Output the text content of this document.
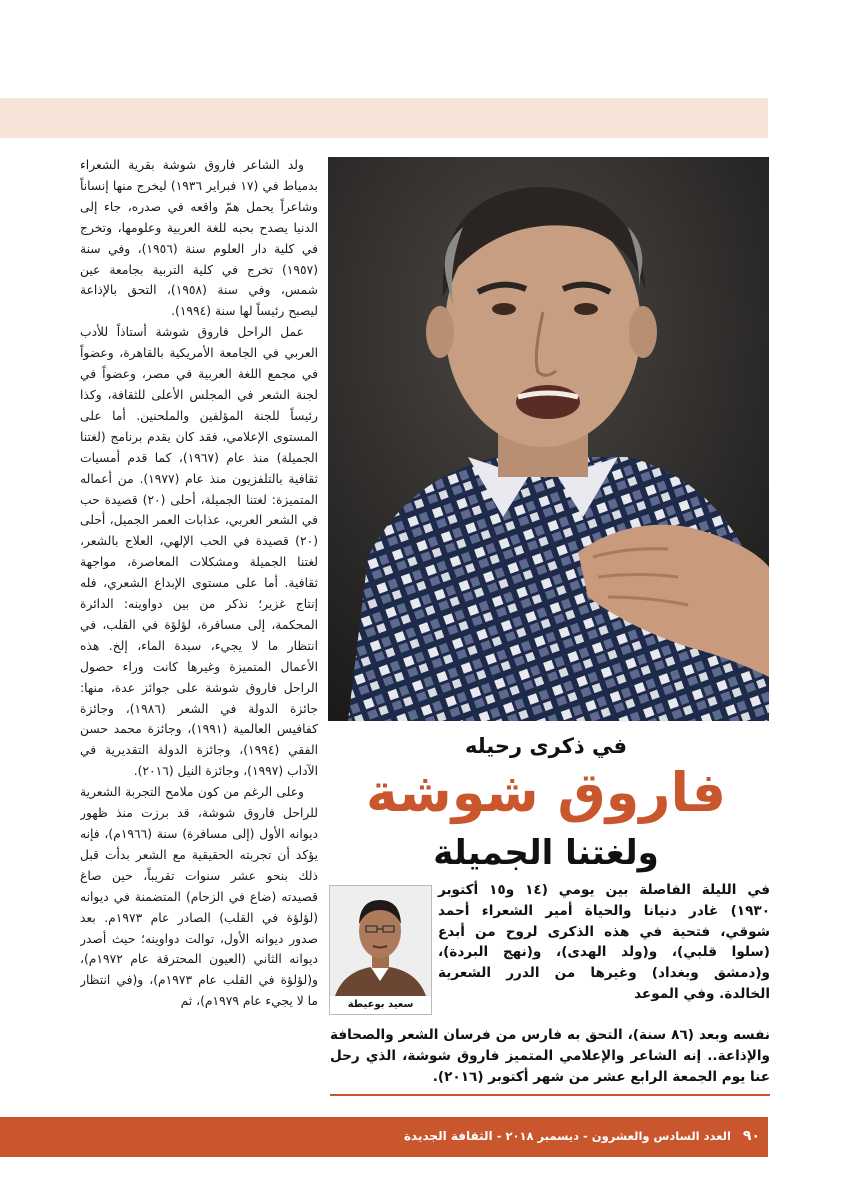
ولد الشاعر فاروق شوشة بقرية الشعراء بدمياط في (١٧ فبراير ١٩٣٦) ليخرج منها إنساناً وشاعراً يحمل همّ واقعه في صدره، جاء إلى الدنيا يصدح بحبه للغة العربية وعلومها، وتخرج في كلية دار العلوم سنة (١٩٥٦)، وفي سنة (١٩٥٧) تخرج في كلية التربية بجامعة عين شمس، وفي سنة (١٩٥٨)، التحق بالإذاعة ليصبح رئيساً لها سنة (١٩٩٤).

عمل الراحل فاروق شوشة أستاذاً للأدب العربي في الجامعة الأمريكية بالقاهرة، وعضواً في مجمع اللغة العربية في مصر، وعضواً في لجنة الشعر في المجلس الأعلى للثقافة، وكذا رئيساً للجنة المؤلفين والملحنين. أما على المستوى الإعلامي، فقد كان يقدم برنامج (لغتنا الجميلة) منذ عام (١٩٦٧)، كما قدم أمسيات ثقافية بالتلفزيون منذ عام (١٩٧٧). من أعماله المتميزة: لغتنا الجميلة، أحلى (٢٠) قصيدة حب في الشعر العربي، عذابات العمر الجميل، أحلى (٢٠) قصيدة في الحب الإلهي، العلاج بالشعر، لغتنا الجميلة ومشكلات المعاصرة، مواجهة ثقافية. أما على مستوى الإبداع الشعري، فله إنتاج غزير؛ نذكر من بين دواوينه: الدائرة المحكمة، إلى مسافرة، لؤلؤة في القلب، في انتظار ما لا يجيء، سيدة الماء، إلخ. هذه الأعمال المتميزة وغيرها كانت وراء حصول الراحل فاروق شوشة على جوائز عدة، منها: جائزة الدولة في الشعر (١٩٨٦)، وجائزة كفافيس العالمية (١٩٩١)، وجائزة محمد حسن الفقي (١٩٩٤)، وجائزة الدولة التقديرية في الآداب (١٩٩٧)، وجائزة النيل (٢٠١٦).

وعلى الرغم من كون ملامح التجربة الشعرية للراحل فاروق شوشة، قد برزت منذ ظهور ديوانه الأول (إلى مسافرة) سنة (١٩٦٦م)، فإنه يؤكد أن تجربته الحقيقية مع الشعر بدأت قبل ذلك بنحو عشر سنوات تقريباً، حين صاغ قصيدته (ضاع في الزحام) المتضمنة في ديوانه (لؤلؤة في القلب) الصادر عام ١٩٧٣م. بعد صدور ديوانه الأول، توالت دواوينه؛ حيث أصدر ديوانه الثاني (العيون المحترقة عام ١٩٧٢م)، و(لؤلؤة في القلب عام ١٩٧٣م)، و(في انتظار ما لا يجيء عام ١٩٧٩م)، ثم

في ذكرى رحيله
فاروق شوشة
ولغتنا الجميلة
سعيد بوعيطة
في الليلة الفاصلة بين يومي (١٤ و١٥ أكتوبر ١٩٣٠) غادر دنيانا والحياة أمير الشعراء أحمد شوقي، فتحية في هذه الذكرى لروح من أبدع (سلوا قلبي)، و(ولد الهدى)، و(نهج البردة)، و(دمشق وبغداد) وغيرها من الدرر الشعرية الخالدة. وفي الموعد
نفسه وبعد (٨٦ سنة)، التحق به فارس من فرسان الشعر والصحافة والإذاعة.. إنه الشاعر والإعلامي المتميز فاروق شوشة، الذي رحل عنا يوم الجمعة الرابع عشر من شهر أكتوبر (٢٠١٦).
٩٠ العدد السادس والعشرون - ديسمبر ٢٠١٨ - الثقافة الجديدة
